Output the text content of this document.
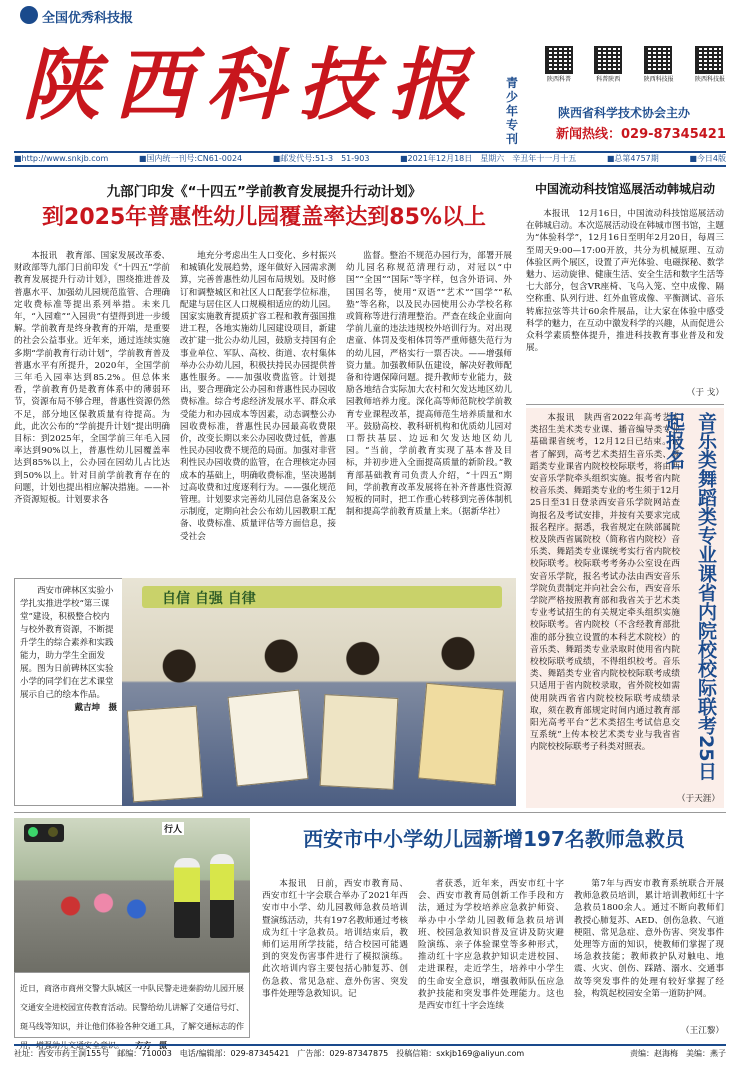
全国优秀科技报
陕西科技报 青少年专刊
陕西科普	科普陕西	陕西科技报	陕西科技报
陕西省科学技术协会主办
新闻热线：029-87345421
■http://www.snkjb.com	■国内统一刊号:CN61-0024	■邮发代号:51-3　51-903	■2021年12月18日　星期六　辛丑年十一月十五	■总第4757期	■今日4版
九部门印发《“十四五”学前教育发展提升行动计划》
到2025年普惠性幼儿园覆盖率达到85%以上
本报讯　教育部、国家发展改革委、财政部等九部门日前印发《“十四五”学前教育发展提升行动计划》，围绕推进普及普惠水平、加强幼儿园规范监管、合理确定收费标准等提出系列举措。未来几年，“入园难”“入园贵”有望得到进一步缓解。学前教育是终身教育的开端，是重要的社会公益事业。近年来，通过连续实施多期“学前教育行动计划”，学前教育普及普惠水平有所提升，2020年，全国学前三年毛入园率达到85.2%。但总体来看，学前教育仍是教育体系中的薄弱环节，资源布局不够合理，普惠性资源仍然不足，部分地区保教质量有待提高。为此，此次公布的“学前提升计划”提出明确目标：到2025年，全国学前三年毛入园率达到90%以上，普惠性幼儿园覆盖率达到85%以上，公办园在园幼儿占比达到50%以上。针对目前学前教育存在的问题，计划也提出相应解决措施。——补齐资源短板。计划要求各
地充分考虑出生人口变化、乡村振兴和城镇化发展趋势，逐年做好入园需求测算，完善普惠性幼儿园布局规划。及时修订和调整城区和社区人口配套学位标准，配建与居住区人口规模相适应的幼儿园。国家实施教育提质扩容工程和教育强国推进工程，各地实施幼儿园建设项目，新建改扩建一批公办幼儿园，鼓励支持国有企事业单位、军队、高校、街道、农村集体举办公办幼儿园，积极扶持民办园提供普惠性服务。——加强收费监管。计划提出，要合理确定公办园和普惠性民办园收费标准。综合考虑经济发展水平、群众承受能力和办园成本等因素，动态调整公办园收费标准，普惠性民办园最高收费限价，改变长期以来公办园收费过低，普惠性民办园收费不规范的局面。加强对非营利性民办园收费的监管，在合理核定办园成本的基础上，明确收费标准，坚决遏制过高收费和过度逐利行为。——强化规范管理。计划要求完善幼儿园信息备案及公示制度，定期向社会公布幼儿园教职工配备、收费标准、质量评估等方面信息，接受社会
监督。整治不规范办园行为，部署开展幼儿园名称规范清理行动，对冠以“中国”“全国”“国际”等字样，包含外语词、外国国名等，使用“双语”“艺术”“国学”“私塾”等名称，以及民办园使用公办学校名称或简称等进行清理整治。严查在线企业面向学前儿童的违法违规校外培训行为。对出现虐童、体罚及变相体罚等严重师德失范行为的幼儿园，严格实行一票否决。——增强师资力量。加强教师队伍建设，解决好教师配备和待遇保障问题。提升教师专业能力，鼓励各地结合实际加大农村和欠发达地区幼儿园教师培养力度。深化高等师范院校学前教育专业课程改革，提高师范生培养质量和水平。鼓励高校、教科研机构和优质幼儿园对口帮扶基层、边远和欠发达地区幼儿园。“当前，学前教育实现了基本普及目标，并初步进入全面提高质量的新阶段。”教育部基础教育司负责人介绍，“十四五”期间，学前教育改革发展将在补齐普惠性资源短板的同时，把工作重心转移到完善体制机制和提高学前教育质量上来。（据新华社）
西安市碑林区实验小学扎实推进学校“第三课堂”建设，积极整合校内与校外教育资源，不断提升学生的综合素养和实践能力，助力学生全面发展。图为日前碑林区实验小学的同学们在艺术课堂展示自己的绘本作品。
戴吉坤　摄
自信 自强 自律
中国流动科技馆巡展活动韩城启动
本报讯　12月16日，中国流动科技馆巡展活动在韩城启动。本次巡展活动设在韩城市图书馆，主题为“体验科学”，12月16日至明年2月20日，每周三至周天9:00—17:00开放，共分为机械原理、互动体验区两个展区，设置了声光体验、电磁探秘、数学魅力、运动旋律、健康生活、安全生活和数字生活等七大部分，包含VR座椅、飞鸟入笼、空中成像、隔空称重、队列行进、红外血管成像、平衡测试、音乐转廊拉弦等共计60余件展品，让大家在体验中感受科学的魅力，在互动中激发科学的兴趣，从而促进公众科学素质整体提升，推进科技教育事业普及和发展。
（于 戈）
本报讯　陕西省2022年高考艺术类招生美术类专业课、播音编导类专业基础课省统考，12月12日已结束。记者了解到，高考艺术类招生音乐类、舞蹈类专业课省内院校校际联考，将由西安音乐学院牵头组织实施。报考省内院校音乐类、舞蹈类专业的考生须于12月25日至31日登录西安音乐学院网站查询报名及考试安排，并按有关要求完成报名程序。据悉，我省规定在陕部属院校及陕西省属院校（简称省内院校）音乐类、舞蹈类专业课统考实行省内院校校际联考。校际联考考务办公室设在西安音乐学院，报名考试办法由西安音乐学院负责制定并向社会公布，西安音乐学院严格按照教育部和我省关于艺术类专业考试招生的有关规定牵头组织实施校际联考。省内院校（不含经教育部批准的部分独立设置的本科艺术院校）的音乐类、舞蹈类专业录取时使用省内院校校际联考成绩，不得组织校考。音乐类、舞蹈类专业省内院校校际联考成绩只适用于省内院校录取，省外院校如需使用陕西省省内院校校际联考成绩录取，须在教育部规定时间内通过教育部阳光高考平台“艺术类招生考试信息交互系统”上传本校艺术类专业与我省省内院校校际联考子科类对照表。
（于天涯）
音乐类舞蹈类专业课省内院校校际联考25日起报名
行人
近日，商洛市商州交警大队城区一中队民警走进秦韵幼儿园开展交通安全进校园宣传教育活动。民警给幼儿讲解了交通信号灯、斑马线等知识，并让他们体验各种交通工具，了解交通标志的作用，增强幼儿交通安全意识。 方方　摄
西安市中小学幼儿园新增197名教师急救员
本报讯　日前，西安市教育局、西安市红十字会联合举办了2021年西安市中小学、幼儿园教师急救员培训暨演练活动，共有197名教师通过考核成为红十字急救员。培训结束后，教师们运用所学技能，结合校园可能遇到的突发伤害事件进行了模拟演练。此次培训内容主要包括心肺复苏、创伤急救、常见急症、意外伤害、突发事件处理等急救知识。记
者获悉，近年来，西安市红十字会、西安市教育局创新工作手段和方法，通过为学校培养应急救护师资、举办中小学幼儿园教师急救员培训班、校园急救知识普及宣讲及防灾避险演练、亲子体验课堂等多种形式，推动红十字应急救护知识走进校园、走进课程，走近学生，培养中小学生的生命安全意识，增强教师队伍应急救护技能和突发事件处理能力。这也是西安市红十字会连续
第7年与西安市教育系统联合开展教师急救员培训，累计培训教师红十字急救员1800余人。通过不断向教师们教授心肺复苏、AED、创伤急救、气道梗阻、常见急症、意外伤害、突发事件处理等方面的知识，使教师们掌握了现场急救技能；教师救护队对触电、地震、火灾、创伤、踩踏、溺水、交通事故等突发事件的处理有较好掌握了经验，构筑起校园安全第一道防护网。
（王江黎）
社址：西安市药王洞155号　邮编：710003　电话/编辑部：029-87345421　广告部：029-87347875　投稿信箱：sxkjb169@aliyun.com	责编：赵海梅　美编：燕子
